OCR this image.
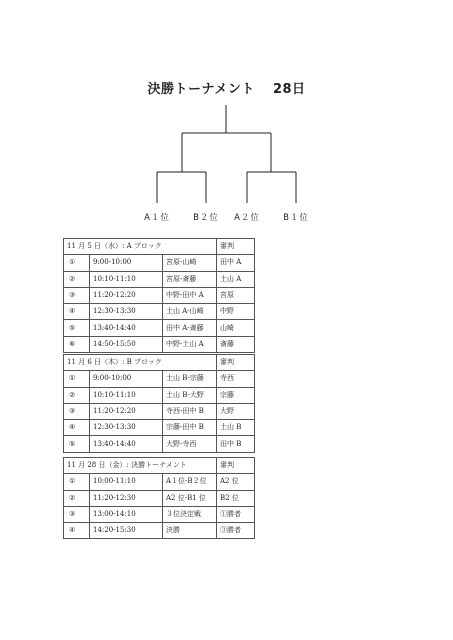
決勝トーナメント 28日
A１位	B２位	A２位	B１位
11 月 5 日（水）: A ブロック			審判
①	9:00-10:00	宮原-山崎	田中 A
②	10:10-11:10	宮原-斎藤	土山 A
③	11:20-12:20	中野-田中 A	宮原
④	12:30-13:30	土山 A-山崎	中野
⑤	13:40-14:40	田中 A-斎藤	山崎
⑥	14:50-15:50	中野-土山 A	斎藤
11 月 6 日（木）: B ブロック			審判
①	9:00-10:00	土山 B-宗藤	寺西
②	10:10-11:10	土山 B-大野	宗藤
③	11:20-12:20	寺西-田中 B	大野
④	12:30-13:30	宗藤-田中 B	土山 B
⑤	13:40-14:40	大野-寺西	田中 B
11 月 28 日（金）: 決勝トーナメント			審判
①	10:00-11:10	A１位-B２位	A2 位
②	11:20-12:30	A2 位-B1 位	B2 位
③	13:00-14:10	３位決定戦	①勝者
④	14:20-15:30	決勝	③勝者
